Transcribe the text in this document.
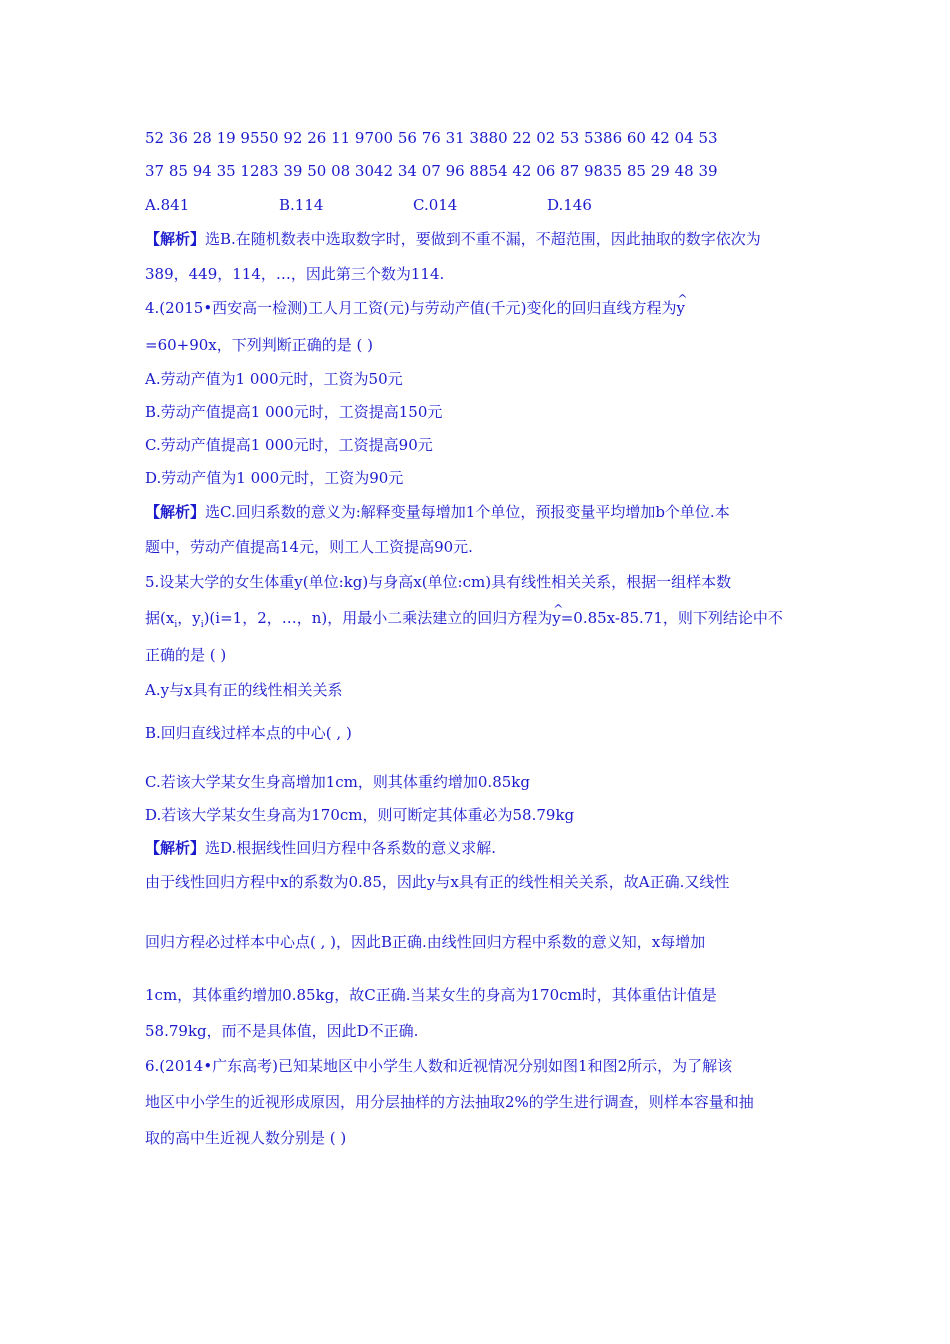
52 36 28 19 9550 92 26 11 9700 56 76 31 3880 22 02 53 5386 60 42 04 53
37 85 94 35 1283 39 50 08 3042 34 07 96 8854 42 06 87 9835 85 29 48 39
A.841	B.114	C.014	D.146
【解析】选B.在随机数表中选取数字时，要做到不重不漏，不超范围，因此抽取的数字依次为
389，449，114，…，因此第三个数为114.
4.(2015•西安高一检测)工人月工资(元)与劳动产值(千元)变化的回归直线方程为^ y
=60+90x，下列判断正确的是 ( )
A.劳动产值为1 000元时，工资为50元
B.劳动产值提高1 000元时，工资提高150元
C.劳动产值提高1 000元时，工资提高90元
D.劳动产值为1 000元时，工资为90元
【解析】选C.回归系数的意义为:解释变量每增加1个单位，预报变量平均增加b个单位.本
题中，劳动产值提高14元，则工人工资提高90元.
5.设某大学的女生体重y(单位:kg)与身高x(单位:cm)具有线性相关关系，根据一组样本数
据($x_i$，$y_i)(i=1$，2，…，n)，用最小二乘法建立的回归方程为^ y=0.85x-85.71，则下列结论中不
正确的是 ( )
A.y与x具有正的线性相关关系
B.回归直线过样本点的中心( , )
C.若该大学某女生身高增加1cm，则其体重约增加0.85kg
D.若该大学某女生身高为170cm，则可断定其体重必为58.79kg
【解析】选D.根据线性回归方程中各系数的意义求解.
由于线性回归方程中x的系数为0.85，因此y与x具有正的线性相关关系，故A正确.又线性
回归方程必过样本中心点( , )，因此B正确.由线性回归方程中系数的意义知，x每增加
1cm，其体重约增加0.85kg，故C正确.当某女生的身高为170cm时，其体重估计值是
58.79kg，而不是具体值，因此D不正确.
6.(2014•广东高考)已知某地区中小学生人数和近视情况分别如图1和图2所示，为了解该
地区中小学生的近视形成原因，用分层抽样的方法抽取2%的学生进行调查，则样本容量和抽
取的高中生近视人数分别是 ( )
